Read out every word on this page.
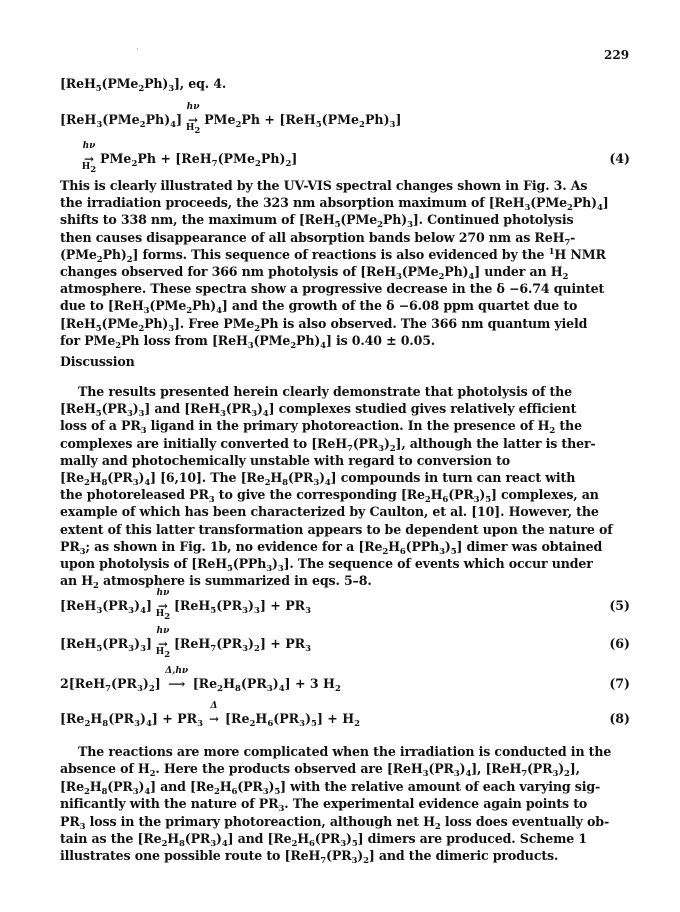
·	229
$[ReH_5(PMe_2Ph)_3]$, eq. 4.
$[ReH_3(PMe_2Ph)_4]$
hν
→
$H_2$
$PMe_2Ph + [ReH_5(PMe_2Ph)_3]$
hν
→
$H_2$
$PMe_2Ph + [ReH_7(PMe_2Ph)_2]$	(4)
This is clearly illustrated by the UV-VIS spectral changes shown in Fig. 3. As
the irradiation proceeds, the 323 nm absorption maximum of $[ReH_3(PMe_2Ph)_4]$
shifts to 338 nm, the maximum of $[ReH_5(PMe_2Ph)_3]$. Continued photolysis
then causes disappearance of all absorption bands below 270 nm as ReH$_7$-
$(PMe_2Ph)_2$] forms. This sequence of reactions is also evidenced by the $^1$H NMR
changes observed for 366 nm photolysis of $[ReH_3(PMe_2Ph)_4]$ under an $H_2$
atmosphere. These spectra show a progressive decrease in the δ −6.74 quintet
due to $[ReH_3(PMe_2Ph)_4]$ and the growth of the δ −6.08 ppm quartet due to
$[ReH_5(PMe_2Ph)_3]$. Free PMe$_2$Ph is also observed. The 366 nm quantum yield
for PMe$_2$Ph loss from $[ReH_3(PMe_2Ph)_4]$ is 0.40 ± 0.05.
Discussion
The results presented herein clearly demonstrate that photolysis of the
$[ReH_5(PR_3)_3]$ and $[ReH_3(PR_3)_4]$ complexes studied gives relatively efficient
loss of a $PR_3$ ligand in the primary photoreaction. In the presence of $H_2$ the
complexes are initially converted to $[ReH_7(PR_3)_2]$, although the latter is ther-
mally and photochemically unstable with regard to conversion to
$[Re_2H_8(PR_3)_4]$ [6,10]. The $[Re_2H_8(PR_3)_4]$ compounds in turn can react with
the photoreleased $PR_3$ to give the corresponding $[Re_2H_6(PR_3)_5]$ complexes, an
example of which has been characterized by Caulton, et al. [10]. However, the
extent of this latter transformation appears to be dependent upon the nature of
$PR_3$; as shown in Fig. 1b, no evidence for a $[Re_2H_6(PPh_3)_5]$ dimer was obtained
upon photolysis of $[ReH_5(PPh_3)_3]$. The sequence of events which occur under
an $H_2$ atmosphere is summarized in eqs. 5–8.
$[ReH_3(PR_3)_4]$
hν
→
$H_2$
$[ReH_5(PR_3)_3] + PR_3$	(5)
$[ReH_5(PR_3)_3]$
hν
→
$H_2$
$[ReH_7(PR_3)_2] + PR_3$	(6)
$2[ReH_7(PR_3)_2]$
Δ,hν
⟶ $[Re_2H_8(PR_3)_4] + 3$ $H_2$	(7)
$[Re_2H_8(PR_3)_4] + PR_3$
Δ
→ $[Re_2H_6(PR_3)_5] + H_2$	(8)
The reactions are more complicated when the irradiation is conducted in the
absence of $H_2$. Here the products observed are $[ReH_3(PR_3)_4]$, $[ReH_7(PR_3)_2]$,
$[Re_2H_8(PR_3)_4]$ and $[Re_2H_6(PR_3)_5]$ with the relative amount of each varying sig-
nificantly with the nature of $PR_3$. The experimental evidence again points to
$PR_3$ loss in the primary photoreaction, although net $H_2$ loss does eventually ob-
tain as the $[Re_2H_8(PR_3)_4]$ and $[Re_2H_6(PR_3)_5]$ dimers are produced. Scheme 1
illustrates one possible route to $[ReH_7(PR_3)_2]$ and the dimeric products.
